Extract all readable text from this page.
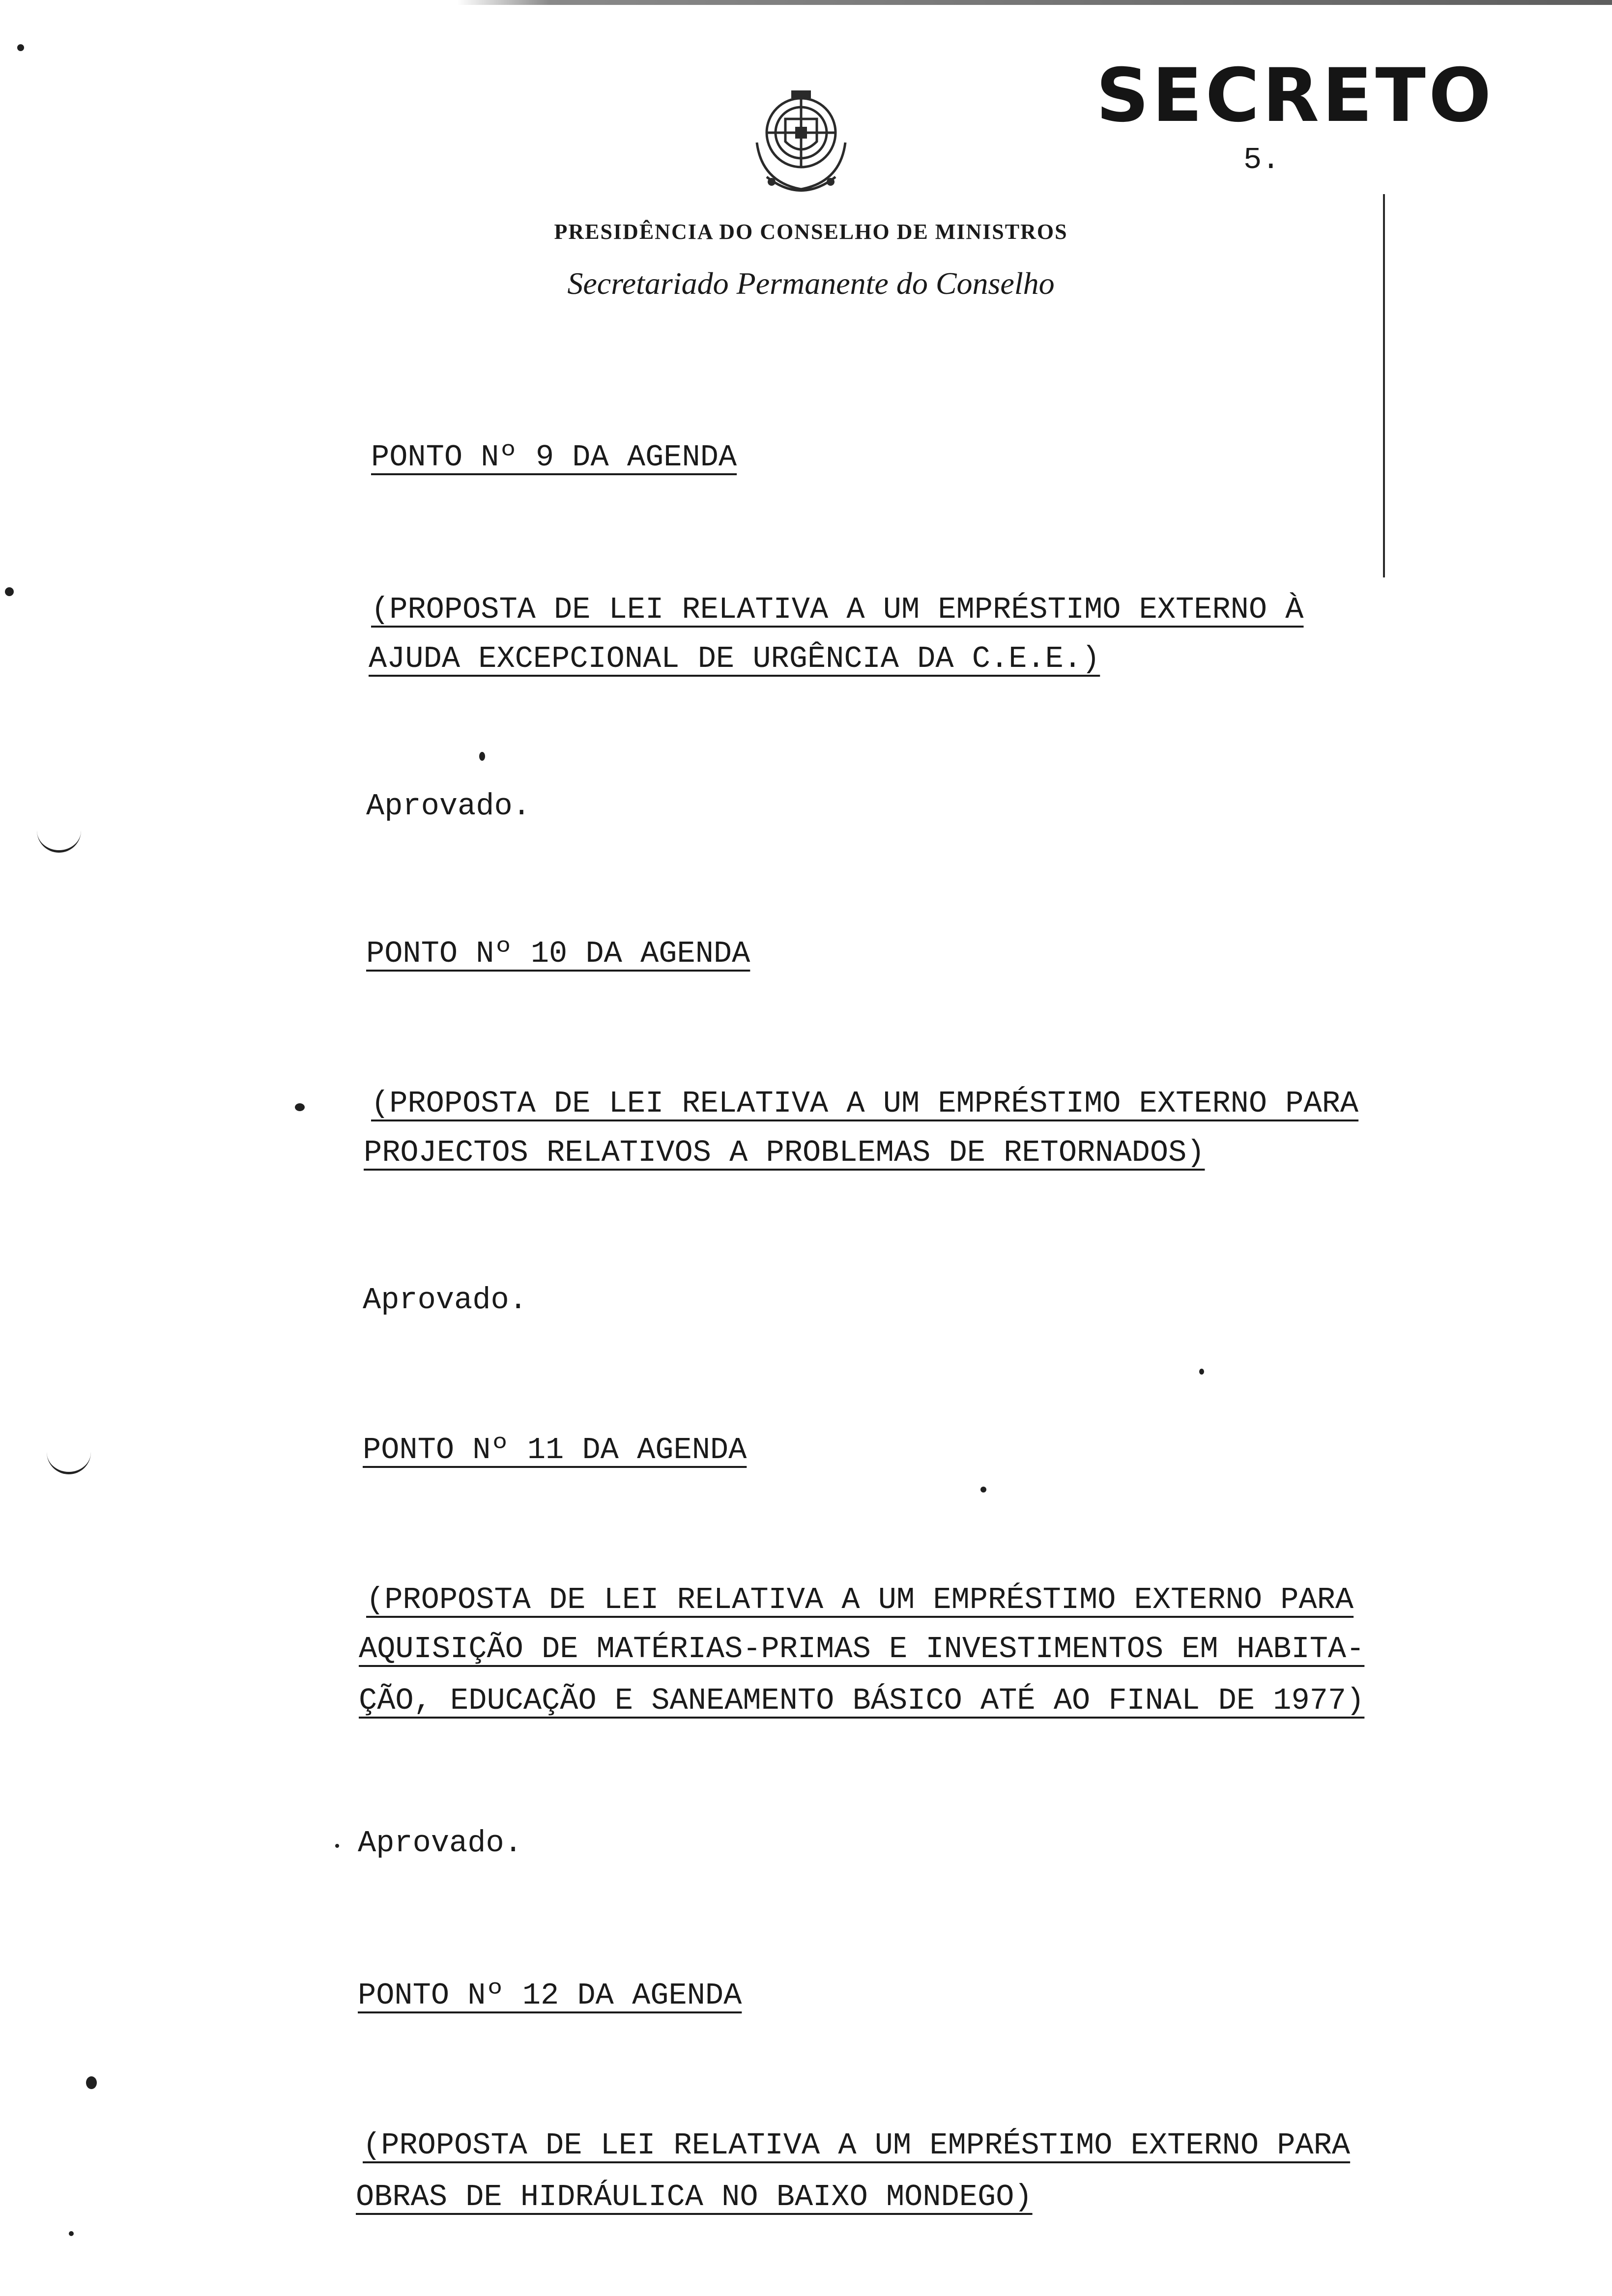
SECRETO
5.
PRESIDÊNCIA DO CONSELHO DE MINISTROS
Secretariado Permanente do Conselho
PONTO Nº 9 DA AGENDA
(PROPOSTA DE LEI RELATIVA A UM EMPRÉSTIMO EXTERNO À
AJUDA EXCEPCIONAL DE URGÊNCIA DA C.E.E.)
Aprovado.
PONTO Nº 10 DA AGENDA
(PROPOSTA DE LEI RELATIVA A UM EMPRÉSTIMO EXTERNO PARA
PROJECTOS RELATIVOS A PROBLEMAS DE RETORNADOS)
Aprovado.
PONTO Nº 11 DA AGENDA
(PROPOSTA DE LEI RELATIVA A UM EMPRÉSTIMO EXTERNO PARA
AQUISIÇÃO DE MATÉRIAS-PRIMAS E INVESTIMENTOS EM HABITA-
ÇÃO, EDUCAÇÃO E SANEAMENTO BÁSICO ATÉ AO FINAL DE 1977)
Aprovado.
PONTO Nº 12 DA AGENDA
(PROPOSTA DE LEI RELATIVA A UM EMPRÉSTIMO EXTERNO PARA
OBRAS DE HIDRÁULICA NO BAIXO MONDEGO)
